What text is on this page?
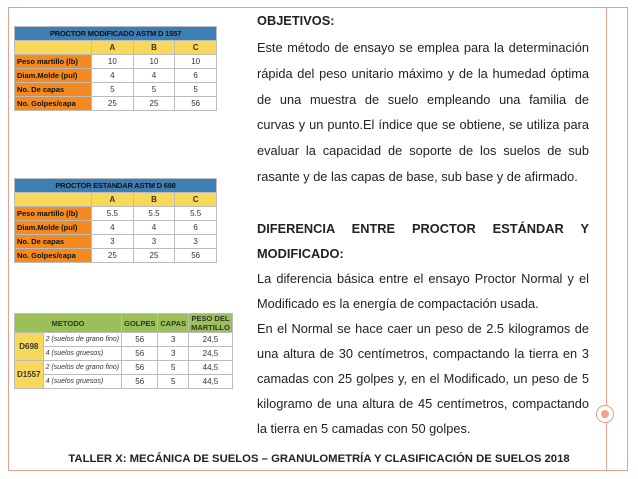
PROCTOR MODIFICADO ASTM D 1557			
	A	B	C
Peso martillo (lb)	10	10	10
Diam.Molde (pul)	4	4	6
No. De capas	5	5	5
No. Golpes/capa	25	25	56
PROCTOR ESTANDAR ASTM D 698			
	A	B	C
Peso martillo (lb)	5.5	5.5	5.5
Diam.Molde (pul)	4	4	6
No. De capas	3	3	3
No. Golpes/capa	25	25	56
METODO		GOLPES	CAPAS	PESO DEL MARTILLO
D698	2 (suelos de grano fino)	56	3	24,5
	4 (suelos gruesos)	56	3	24,5
D1557	2 (suelos de grano fino)	56	5	44,5
	4 (suelos gruesos)	56	5	44,5
OBJETIVOS:
Este método de ensayo se emplea para la determinación rápida del peso unitario máximo y de la humedad óptima de una muestra de suelo empleando una familia de curvas y un punto.El índice que se obtiene, se utiliza para evaluar la capacidad de soporte de los suelos de sub rasante y de las capas de base, sub base y de afirmado.
DIFERENCIA ENTRE PROCTOR ESTÁNDAR Y
MODIFICADO:

La diferencia básica entre el ensayo Proctor Normal y el Modificado es la energía de compactación usada.

En el Normal se hace caer un peso de 2.5 kilogramos de una altura de 30 centímetros, compactando la tierra en 3 camadas con 25 golpes y, en el Modificado, un peso de 5 kilogramo de una altura de 45 centímetros, compactando la tierra en 5 camadas con 50 golpes.

TALLER X: MECÁNICA DE SUELOS – GRANULOMETRÍA Y CLASIFICACIÓN DE SUELOS 2018
